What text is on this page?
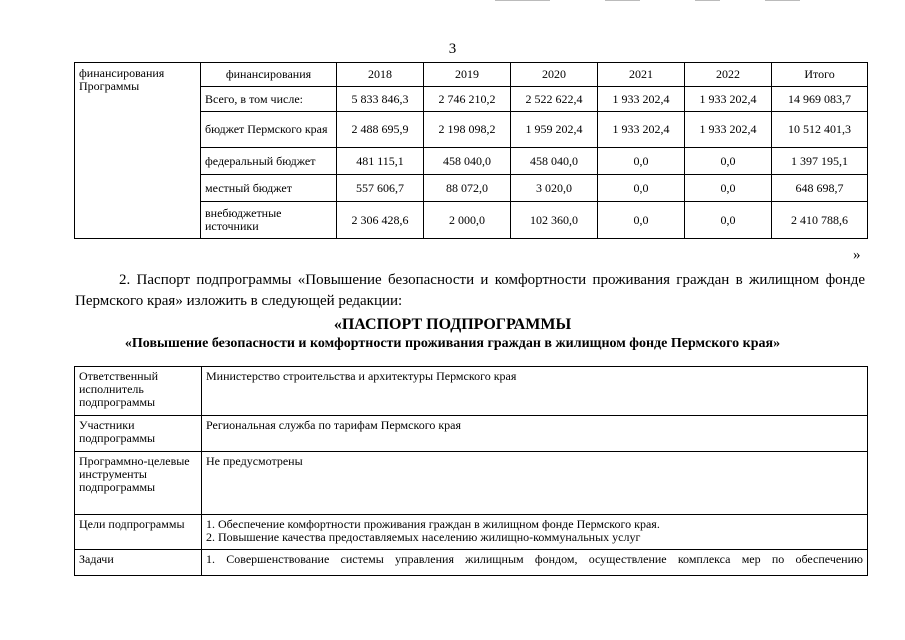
3
финансирования Программы	финансирования	2018	2019	2020	2021	2022	Итого
	Всего, в том числе:	5 833 846,3	2 746 210,2	2 522 622,4	1 933 202,4	1 933 202,4	14 969 083,7
	бюджет Пермского края	2 488 695,9	2 198 098,2	1 959 202,4	1 933 202,4	1 933 202,4	10 512 401,3
	федеральный бюджет	481 115,1	458 040,0	458 040,0	0,0	0,0	1 397 195,1
	местный бюджет	557 606,7	88 072,0	3 020,0	0,0	0,0	648 698,7
	внебюджетные источники	2 306 428,6	2 000,0	102 360,0	0,0	0,0	2 410 788,6
»

2. Паспорт подпрограммы «Повышение безопасности и комфортности проживания граждан в жилищном фонде Пермского края» изложить в следующей редакции:

«ПАСПОРТ ПОДПРОГРАММЫ
«Повышение безопасности и комфортности проживания граждан в жилищном фонде Пермского края»
Ответственный исполнитель подпрограммы	Министерство строительства и архитектуры Пермского края
Участники подпрограммы	Региональная служба по тарифам Пермского края
Программно-целевые инструменты подпрограммы	Не предусмотрены
Цели подпрограммы	1. Обеспечение комфортности проживания граждан в жилищном фонде Пермского края.
2. Повышение качества предоставляемых населению жилищно-коммунальных услуг

Задачи	1. Совершенствование системы управления жилищным фондом, осуществление комплекса мер по обеспечению
